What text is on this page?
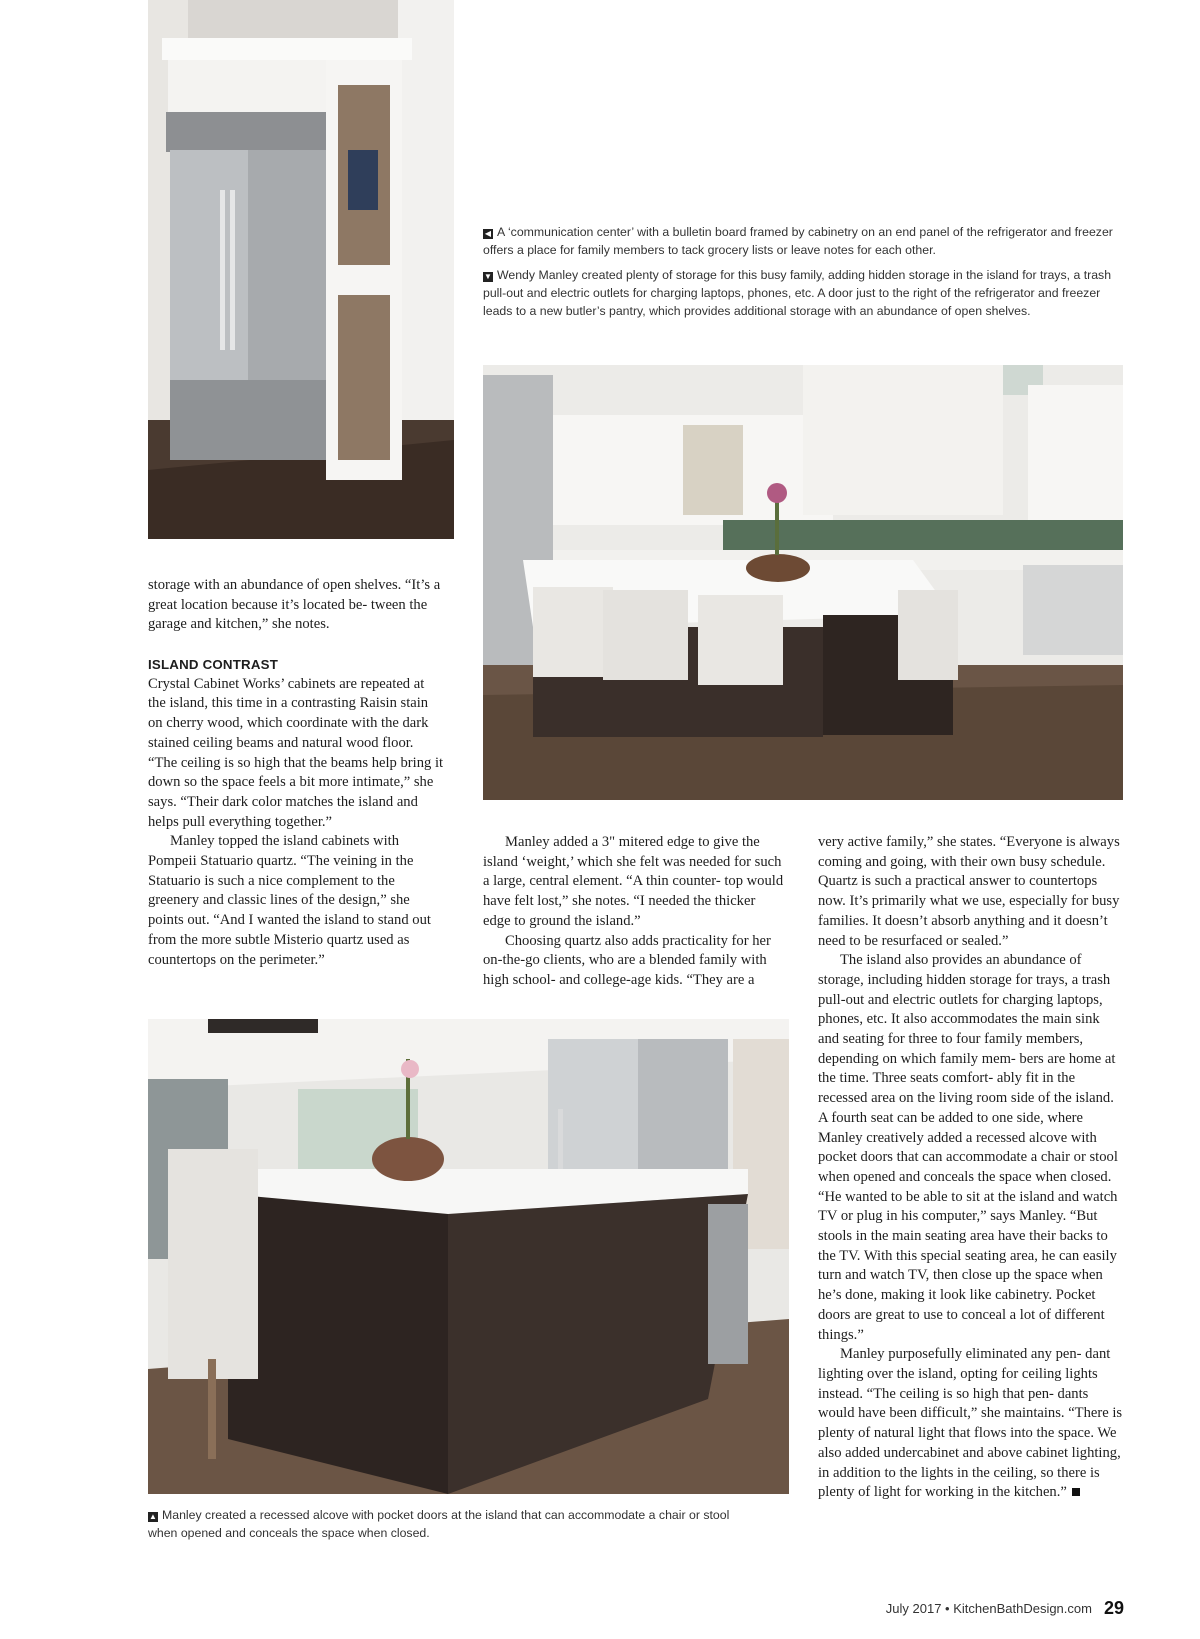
◀ A ‘communication center’ with a bulletin board framed by cabinetry on an end panel of the refrigerator and freezer offers a place for family members to tack grocery lists or leave notes for each other.
▼ Wendy Manley created plenty of storage for this busy family, adding hidden storage in the island for trays, a trash pull-out and electric outlets for charging laptops, phones, etc. A door just to the right of the refrigerator and freezer leads to a new butler’s pantry, which provides additional storage with an abundance of open shelves.

storage with an abundance of open shelves. “It’s a great location because it’s located be- tween the garage and kitchen,” she notes.

ISLAND CONTRAST

Crystal Cabinet Works’ cabinets are repeated at the island, this time in a contrasting Raisin stain on cherry wood, which coordinate with the dark stained ceiling beams and natural wood floor. “The ceiling is so high that the beams help bring it down so the space feels a bit more intimate,” she says. “Their dark color matches the island and helps pull everything together.”

Manley topped the island cabinets with Pompeii Statuario quartz. “The veining in the Statuario is such a nice complement to the greenery and classic lines of the design,” she points out. “And I wanted the island to stand out from the more subtle Misterio quartz used as countertops on the perimeter.”

Manley added a 3" mitered edge to give the island ‘weight,’ which she felt was needed for such a large, central element. “A thin counter- top would have felt lost,” she notes. “I needed the thicker edge to ground the island.”

Choosing quartz also adds practicality for her on-the-go clients, who are a blended family with high school- and college-age kids. “They are a

very active family,” she states. “Everyone is always coming and going, with their own busy schedule. Quartz is such a practical answer to countertops now. It’s primarily what we use, especially for busy families. It doesn’t absorb anything and it doesn’t need to be resurfaced or sealed.”

The island also provides an abundance of storage, including hidden storage for trays, a trash pull-out and electric outlets for charging laptops, phones, etc. It also accommodates the main sink and seating for three to four family members, depending on which family mem- bers are home at the time. Three seats comfort- ably fit in the recessed area on the living room side of the island. A fourth seat can be added to one side, where Manley creatively added a recessed alcove with pocket doors that can accommodate a chair or stool when opened and conceals the space when closed. “He wanted to be able to sit at the island and watch TV or plug in his computer,” says Manley. “But stools in the main seating area have their backs to the TV. With this special seating area, he can easily turn and watch TV, then close up the space when he’s done, making it look like cabinetry. Pocket doors are great to use to conceal a lot of different things.”

Manley purposefully eliminated any pen- dant lighting over the island, opting for ceiling lights instead. “The ceiling is so high that pen- dants would have been difficult,” she maintains. “There is plenty of natural light that flows into the space. We also added undercabinet and above cabinet lighting, in addition to the lights in the ceiling, so there is plenty of light for working in the kitchen.”

▲ Manley created a recessed alcove with pocket doors at the island that can accommodate a chair or stool when opened and conceals the space when closed.
July 2017 • KitchenBathDesign.com 29
